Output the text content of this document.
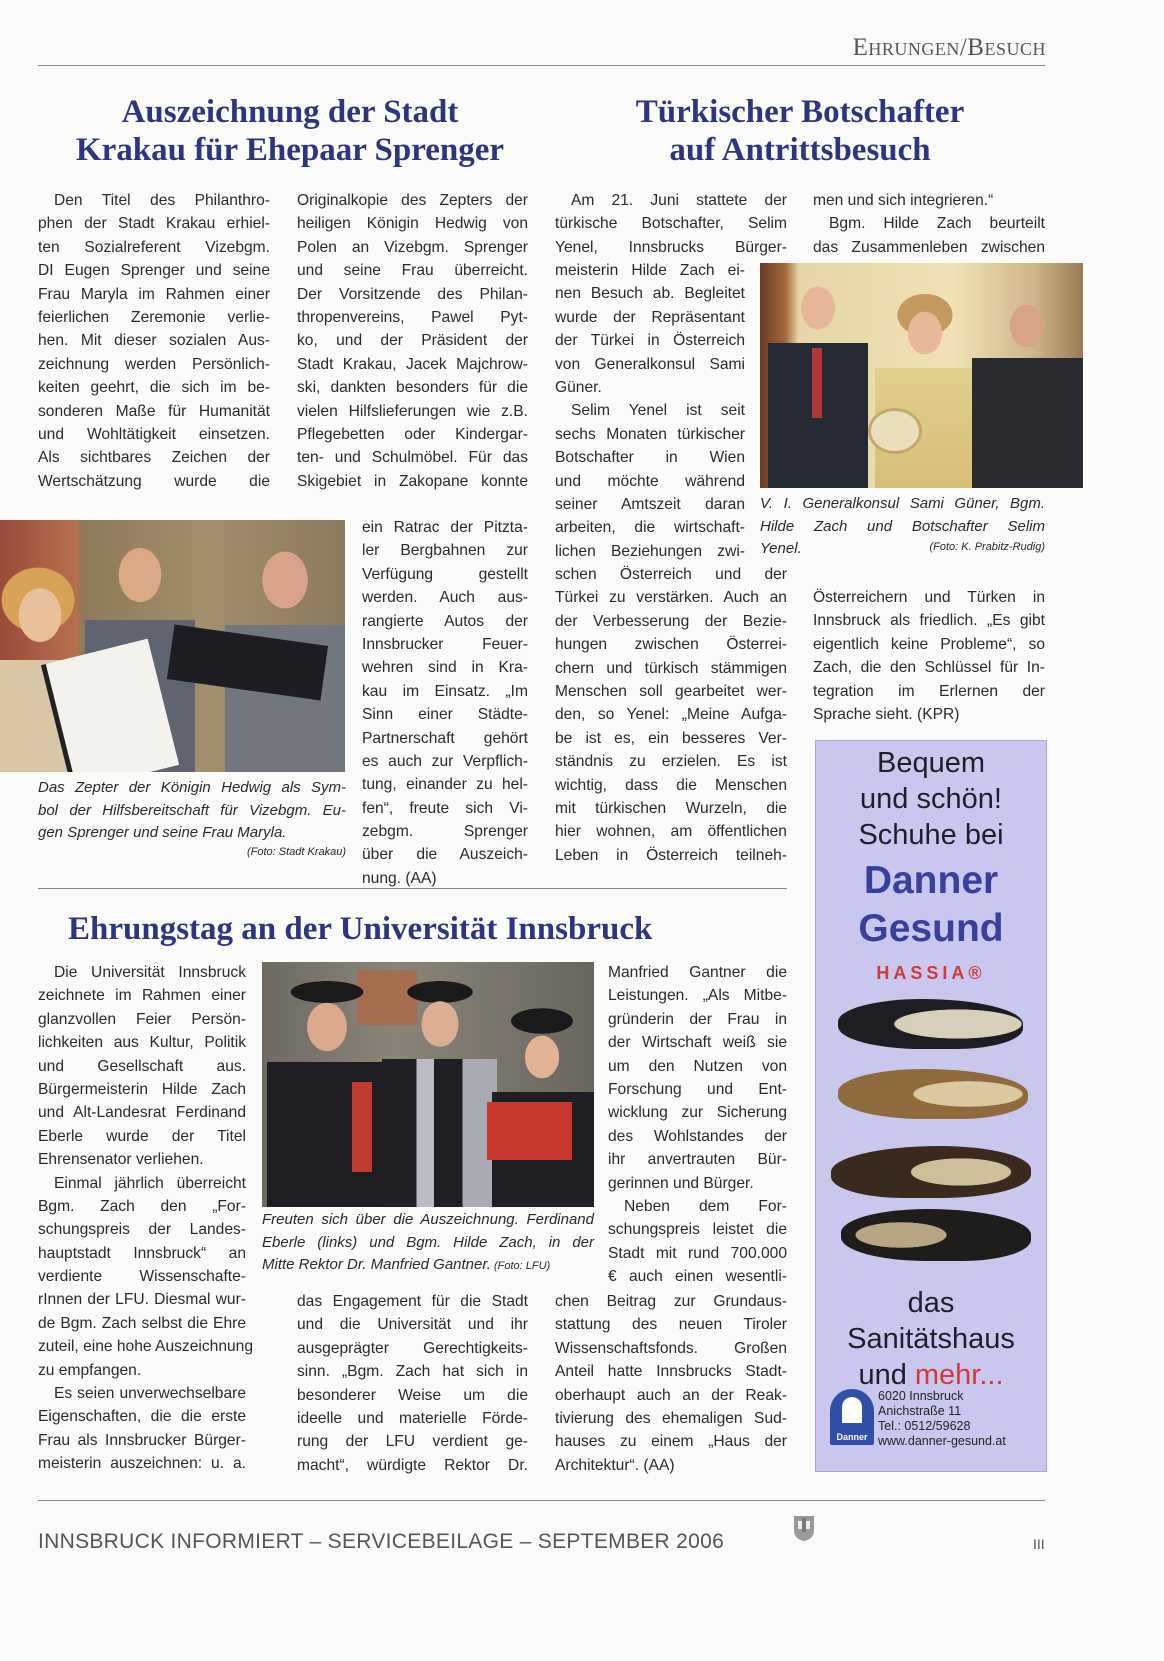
Ehrungen/Besuch
Auszeichnung der Stadt
Krakau für Ehepaar Sprenger
Den Titel des Philanthro-
phen der Stadt Krakau erhiel-
ten Sozialreferent Vizebgm.
DI Eugen Sprenger und seine
Frau Maryla im Rahmen einer
feierlichen Zeremonie verlie-
hen. Mit dieser sozialen Aus-
zeichnung werden Persönlich-
keiten geehrt, die sich im be-
sonderen Maße für Humanität
und Wohltätigkeit einsetzen.
Als sichtbares Zeichen der
Wertschätzung wurde die
Originalkopie des Zepters der
heiligen Königin Hedwig von
Polen an Vizebgm. Sprenger
und seine Frau überreicht.
Der Vorsitzende des Philan-
thropenvereins, Pawel Pyt-
ko, und der Präsident der
Stadt Krakau, Jacek Majchrow-
ski, dankten besonders für die
vielen Hilfslieferungen wie z.B.
Pflegebetten oder Kindergar-
ten- und Schulmöbel. Für das
Skigebiet in Zakopane konnte
ein Ratrac der Pitzta-
ler Bergbahnen zur
Verfügung gestellt
werden. Auch aus-
rangierte Autos der
Innsbrucker Feuer-
wehren sind in Kra-
kau im Einsatz. „Im
Sinn einer Städte-
Partnerschaft gehört
es auch zur Verpflich-
tung, einander zu hel-
fen“, freute sich Vi-
zebgm. Sprenger
über die Auszeich-
nung. (AA)
Das Zepter der Königin Hedwig als Sym-
bol der Hilfsbereitschaft für Vizebgm. Eu-
gen Sprenger und seine Frau Maryla.
(Foto: Stadt Krakau)
Türkischer Botschafter
auf Antrittsbesuch
Am 21. Juni stattete der
türkische Botschafter, Selim
Yenel, Innsbrucks Bürger-
meisterin Hilde Zach ei-
nen Besuch ab. Begleitet
wurde der Repräsentant
der Türkei in Österreich
von Generalkonsul Sami
Güner.
Selim Yenel ist seit
sechs Monaten türkischer
Botschafter in Wien
und möchte während
seiner Amtszeit daran
arbeiten, die wirtschaft-
lichen Beziehungen zwi-
schen Österreich und der
Türkei zu verstärken. Auch an
der Verbesserung der Bezie-
hungen zwischen Österrei-
chern und türkisch stämmigen
Menschen soll gearbeitet wer-
den, so Yenel: „Meine Aufga-
be ist es, ein besseres Ver-
ständnis zu erzielen. Es ist
wichtig, dass die Menschen
mit türkischen Wurzeln, die
hier wohnen, am öffentlichen
Leben in Österreich teilneh-
men und sich integrieren.“
Bgm. Hilde Zach beurteilt
das Zusammenleben zwischen
V. I. Generalkonsul Sami Güner, Bgm.
Hilde Zach und Botschafter Selim
Yenel.	(Foto: K. Prabitz-Rudig)
Österreichern und Türken in
Innsbruck als friedlich. „Es gibt
eigentlich keine Probleme“, so
Zach, die den Schlüssel für In-
tegration im Erlernen der
Sprache sieht. (KPR)
Bequem
und schön!
Schuhe bei
Danner
Gesund
HASSIA®
das
Sanitätshaus
und mehr...
Danner
6020 Innsbruck
Anichstraße 11
Tel.: 0512/59628
www.danner-gesund.at
Ehrungstag an der Universität Innsbruck
Die Universität Innsbruck
zeichnete im Rahmen einer
glanzvollen Feier Persön-
lichkeiten aus Kultur, Politik
und Gesellschaft aus.
Bürgermeisterin Hilde Zach
und Alt-Landesrat Ferdinand
Eberle wurde der Titel
Ehrensenator verliehen.
Einmal jährlich überreicht
Bgm. Zach den „For-
schungspreis der Landes-
hauptstadt Innsbruck“ an
verdiente Wissenschafte-
rInnen der LFU. Diesmal wur-
de Bgm. Zach selbst die Ehre
zuteil, eine hohe Auszeichnung
zu empfangen.
Es seien unverwechselbare
Eigenschaften, die die erste
Frau als Innsbrucker Bürger-
meisterin auszeichnen: u. a.
Freuten sich über die Auszeichnung. Ferdinand
Eberle (links) und Bgm. Hilde Zach, in der
Mitte Rektor Dr. Manfried Gantner. (Foto: LFU)
das Engagement für die Stadt
und die Universität und ihr
ausgeprägter Gerechtigkeits-
sinn. „Bgm. Zach hat sich in
besonderer Weise um die
ideelle und materielle Förde-
rung der LFU verdient ge-
macht“, würdigte Rektor Dr.
Manfried Gantner die
Leistungen. „Als Mitbe-
gründerin der Frau in
der Wirtschaft weiß sie
um den Nutzen von
Forschung und Ent-
wicklung zur Sicherung
des Wohlstandes der
ihr anvertrauten Bür-
gerinnen und Bürger.
Neben dem For-
schungspreis leistet die
Stadt mit rund 700.000
€ auch einen wesentli-
chen Beitrag zur Grundaus-
stattung des neuen Tiroler
Wissenschaftsfonds. Großen
Anteil hatte Innsbrucks Stadt-
oberhaupt auch an der Reak-
tivierung des ehemaligen Sud-
hauses zu einem „Haus der
Architektur“. (AA)
INNSBRUCK INFORMIERT – SERVICEBEILAGE – SEPTEMBER 2006	III
